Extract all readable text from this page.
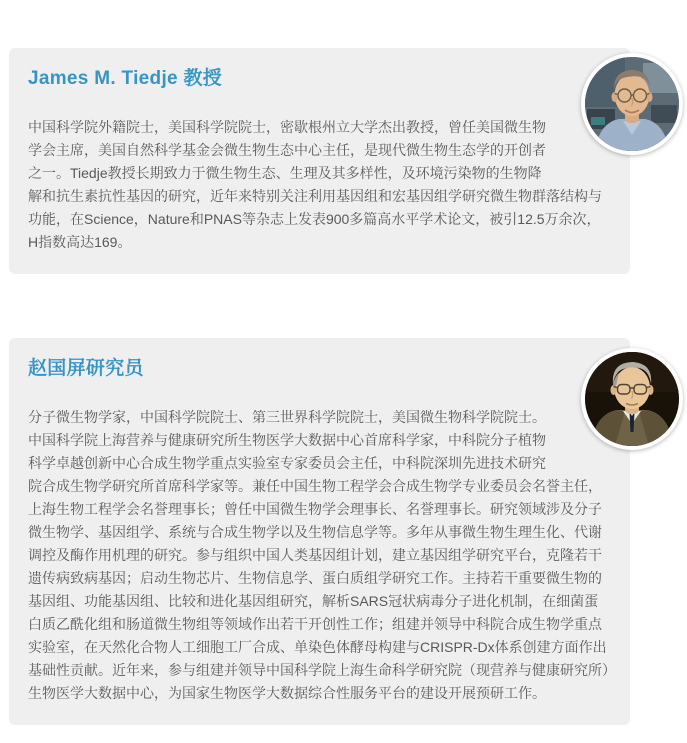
James M. Tiedje 教授

中国科学院外籍院士，美国科学院院士，密歇根州立大学杰出教授，曾任美国微生物学会主席，美国自然科学基金会微生物生态中心主任，是现代微生物生态学的开创者之一。Tiedje教授长期致力于微生物生态、生理及其多样性，及环境污染物的生物降解和抗生素抗性基因的研究，近年来特别关注利用基因组和宏基因组学研究微生物群落结构与功能，在Science，Nature和PNAS等杂志上发表900多篇高水平学术论文，被引12.5万余次，H指数高达169。

赵国屏研究员

分子微生物学家，中国科学院院士、第三世界科学院院士，美国微生物科学院院士。中国科学院上海营养与健康研究所生物医学大数据中心首席科学家，中科院分子植物科学卓越创新中心合成生物学重点实验室专家委员会主任，中科院深圳先进技术研究院合成生物学研究所首席科学家等。兼任中国生物工程学会合成生物学专业委员会名誉主任，上海生物工程学会名誉理事长；曾任中国微生物学会理事长、名誉理事长。研究领域涉及分子微生物学、基因组学、系统与合成生物学以及生物信息学等。多年从事微生物生理生化、代谢调控及酶作用机理的研究。参与组织中国人类基因组计划，建立基因组学研究平台，克隆若干遗传病致病基因；启动生物芯片、生物信息学、蛋白质组学研究工作。主持若干重要微生物的基因组、功能基因组、比较和进化基因组研究，解析SARS冠状病毒分子进化机制，在细菌蛋白质乙酰化组和肠道微生物组等领域作出若干开创性工作；组建并领导中科院合成生物学重点实验室，在天然化合物人工细胞工厂合成、单染色体酵母构建与CRISPR-Dx体系创建方面作出基础性贡献。近年来，参与组建并领导中国科学院上海生命科学研究院（现营养与健康研究所）生物医学大数据中心，为国家生物医学大数据综合性服务平台的建设开展预研工作。
